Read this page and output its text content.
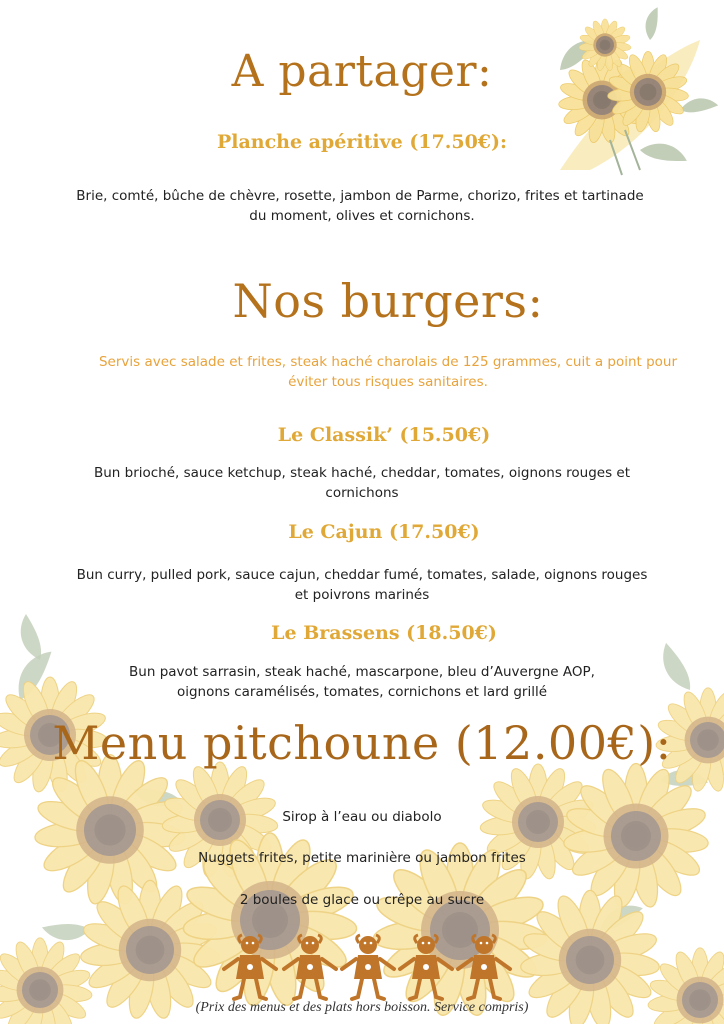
A partager:
Planche apéritive (17.50€):

Brie, comté, bûche de chèvre, rosette, jambon de Parme, chorizo, frites et tartinade

du moment, olives et cornichons.

Nos burgers:

Servis avec salade et frites, steak haché charolais de 125 grammes, cuit a point pour

éviter tous risques sanitaires.

Le Classik’ (15.50€)

Bun brioché, sauce ketchup, steak haché, cheddar, tomates, oignons rouges et

cornichons

Le Cajun (17.50€)

Bun curry, pulled pork, sauce cajun, cheddar fumé, tomates, salade, oignons rouges

et poivrons marinés

Le Brassens (18.50€)

Bun pavot sarrasin, steak haché, mascarpone, bleu d’Auvergne AOP,

oignons caramélisés, tomates, cornichons et lard grillé

Menu pitchoune (12.00€):

Sirop à l’eau ou diabolo

Nuggets frites, petite marinière ou jambon frites

2 boules de glace ou crêpe au sucre

(Prix des menus et des plats hors boisson. Service compris)
